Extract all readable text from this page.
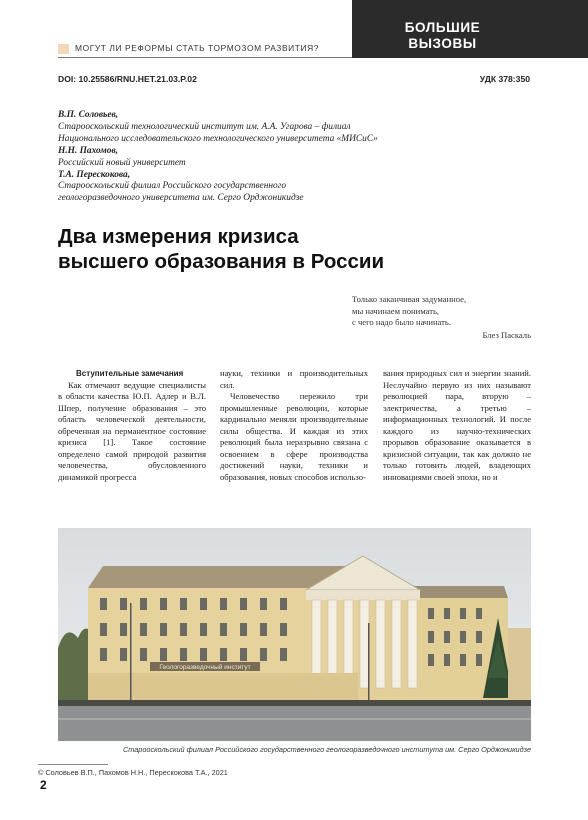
МОГУТ ЛИ РЕФОРМЫ СТАТЬ ТОРМОЗОМ РАЗВИТИЯ?
БОЛЬШИЕ
ВЫЗОВЫ
DOI: 10.25586/RNU.HET.21.03.P.02	УДК 378:350
В.П. Соловьев,
Старооскольский технологический институт им. А.А. Угарова – филиал
Национального исследовательского технологического университета «МИСиС»
Н.Н. Пахомов,
Российский новый университет
Т.А. Перескокова,
Старооскольский филиал Российского государственного
геологоразведочного университета им. Серго Орджоникидзе
Два измерения кризиса
высшего образования в России
Только заканчивая задуманное,
мы начинаем понимать,
с чего надо было начинать.
Блез Паскаль
Вступительные замечания

Как отмечают ведущие специалисты в области качества Ю.П. Адлер и В.Л. Шпер, получение образования – это область человеческой деятельности, обреченная на перманентное состояние кризиса [1]. Такое состояние определено самой природой развития человечества, обусловленного динамикой прогресса

науки, техники и производительных сил.

Человечество пережило три промышленные революции, которые кардинально меняли производительные силы общества. И каждая из этих революций была неразрывно связана с освоением в сфере производства достижений науки, техники и образования, новых способов использо-

вания природных сил и энергии знаний. Неслучайно первую из них называют революцией пара, вторую – электричества, а третью – информационных технологий. И после каждого из научно-технических прорывов образование оказывается в кризисной ситуации, так как должно не только готовить людей, владеющих инновациями своей эпохи, но и

Геологоразведочный институт
Старооскольский филиал Российского государственного геологоразведочного института им. Серго Орджоникидзе
© Соловьев В.П., Пахомов Н.Н., Перескокова Т.А., 2021
2
